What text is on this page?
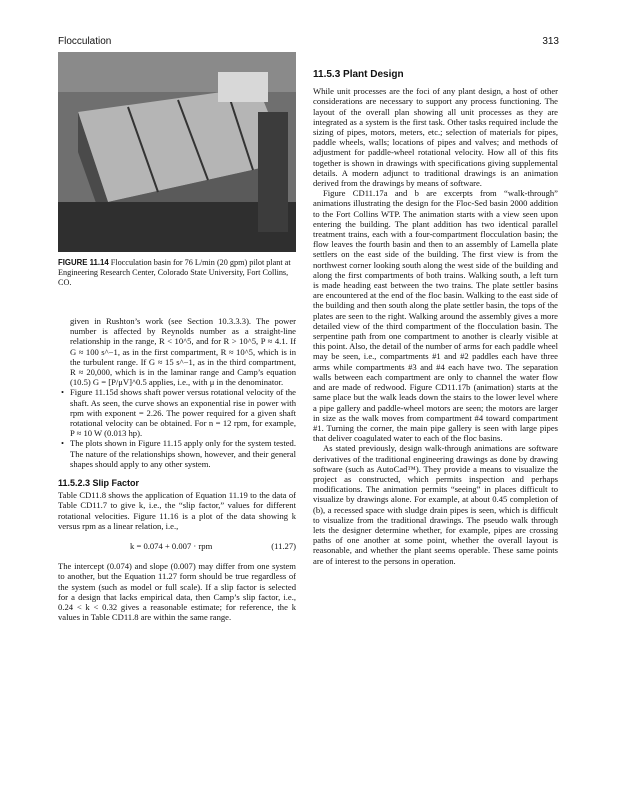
Flocculation	313
FIGURE 11.14 Flocculation basin for 76 L/min (20 gpm) pilot plant at Engineering Research Center, Colorado State University, Fort Collins, CO.

given in Rushton’s work (see Section 10.3.3.3). The power number is affected by Reynolds number as a straight-line relationship in the range, R < 10^5, and for R > 10^5, P ≈ 4.1. If G ≈ 100 s^−1, as in the first compartment, R ≈ 10^5, which is in the turbulent range. If G ≈ 15 s^−1, as in the third compartment, R ≈ 20,000, which is in the laminar range and Camp’s equation (10.5) G = [P/μV]^0.5 applies, i.e., with μ in the denominator.

• Figure 11.15d shows shaft power versus rotational velocity of the shaft. As seen, the curve shows an exponential rise in power with rpm with exponent = 2.26. The power required for a given shaft rotational velocity can be obtained. For n = 12 rpm, for example, P ≈ 10 W (0.013 hp).
• The plots shown in Figure 11.15 apply only for the system tested. The nature of the relationships shown, however, and their general shapes should apply to any other system.
11.5.2.3 Slip Factor

Table CD11.8 shows the application of Equation 11.19 to the data of Table CD11.7 to give k, i.e., the “slip factor,” values for different rotational velocities. Figure 11.16 is a plot of the data showing k versus rpm as a linear relation, i.e.,

k = 0.074 + 0.007 · rpm	(11.27)

The intercept (0.074) and slope (0.007) may differ from one system to another, but the Equation 11.27 form should be true regardless of the system (such as model or full scale). If a slip factor is selected for a design that lacks empirical data, then Camp’s slip factor, i.e., 0.24 < k < 0.32 gives a reasonable estimate; for reference, the k values in Table CD11.8 are within the same range.

11.5.3 Plant Design

While unit processes are the foci of any plant design, a host of other considerations are necessary to support any process functioning. The layout of the overall plan showing all unit processes as they are integrated as a system is the first task. Other tasks required include the sizing of pipes, motors, meters, etc.; selection of materials for pipes, paddle wheels, walls; locations of pipes and valves; and methods of adjustment for paddle-wheel rotational velocity. How all of this fits together is shown in drawings with specifications giving supplemental details. A modern adjunct to traditional drawings is an animation derived from the drawings by means of software.

Figure CD11.17a and b are excerpts from “walk-through” animations illustrating the design for the Floc-Sed basin 2000 addition to the Fort Collins WTP. The animation starts with a view seen upon entering the building. The plant addition has two identical parallel treatment trains, each with a four-compartment flocculation basin; the flow leaves the fourth basin and then to an assembly of Lamella plate settlers on the east side of the building. The first view is from the northwest corner looking south along the west side of the building and along the first compartments of both trains. Walking south, a left turn is made heading east between the two trains. The plate settler basins are encountered at the end of the floc basin. Walking to the east side of the building and then south along the plate settler basin, the tops of the plates are seen to the right. Walking around the assembly gives a more detailed view of the third compartment of the flocculation basin. The serpentine path from one compartment to another is clearly visible at this point. Also, the detail of the number of arms for each paddle wheel may be seen, i.e., compartments #1 and #2 paddles each have three arms while compartments #3 and #4 each have two. The separation walls between each compartment are only to channel the water flow and are made of redwood. Figure CD11.17b (animation) starts at the same place but the walk leads down the stairs to the lower level where a pipe gallery and paddle-wheel motors are seen; the motors are larger in size as the walk moves from compartment #4 toward compartment #1. Turning the corner, the main pipe gallery is seen with large pipes that deliver coagulated water to each of the floc basins.

As stated previously, design walk-through animations are software derivatives of the traditional engineering drawings as done by drawing software (such as AutoCad™). They provide a means to visualize the project as constructed, which permits inspection and perhaps modifications. The animation permits “seeing” in places difficult to visualize by drawings alone. For example, at about 0.45 completion of (b), a recessed space with sludge drain pipes is seen, which is difficult to visualize from the traditional drawings. The pseudo walk through lets the designer determine whether, for example, pipes are crossing paths of one another at some point, whether the overall layout is reasonable, and whether the plant seems operable. These same points are of interest to the persons in operation.
